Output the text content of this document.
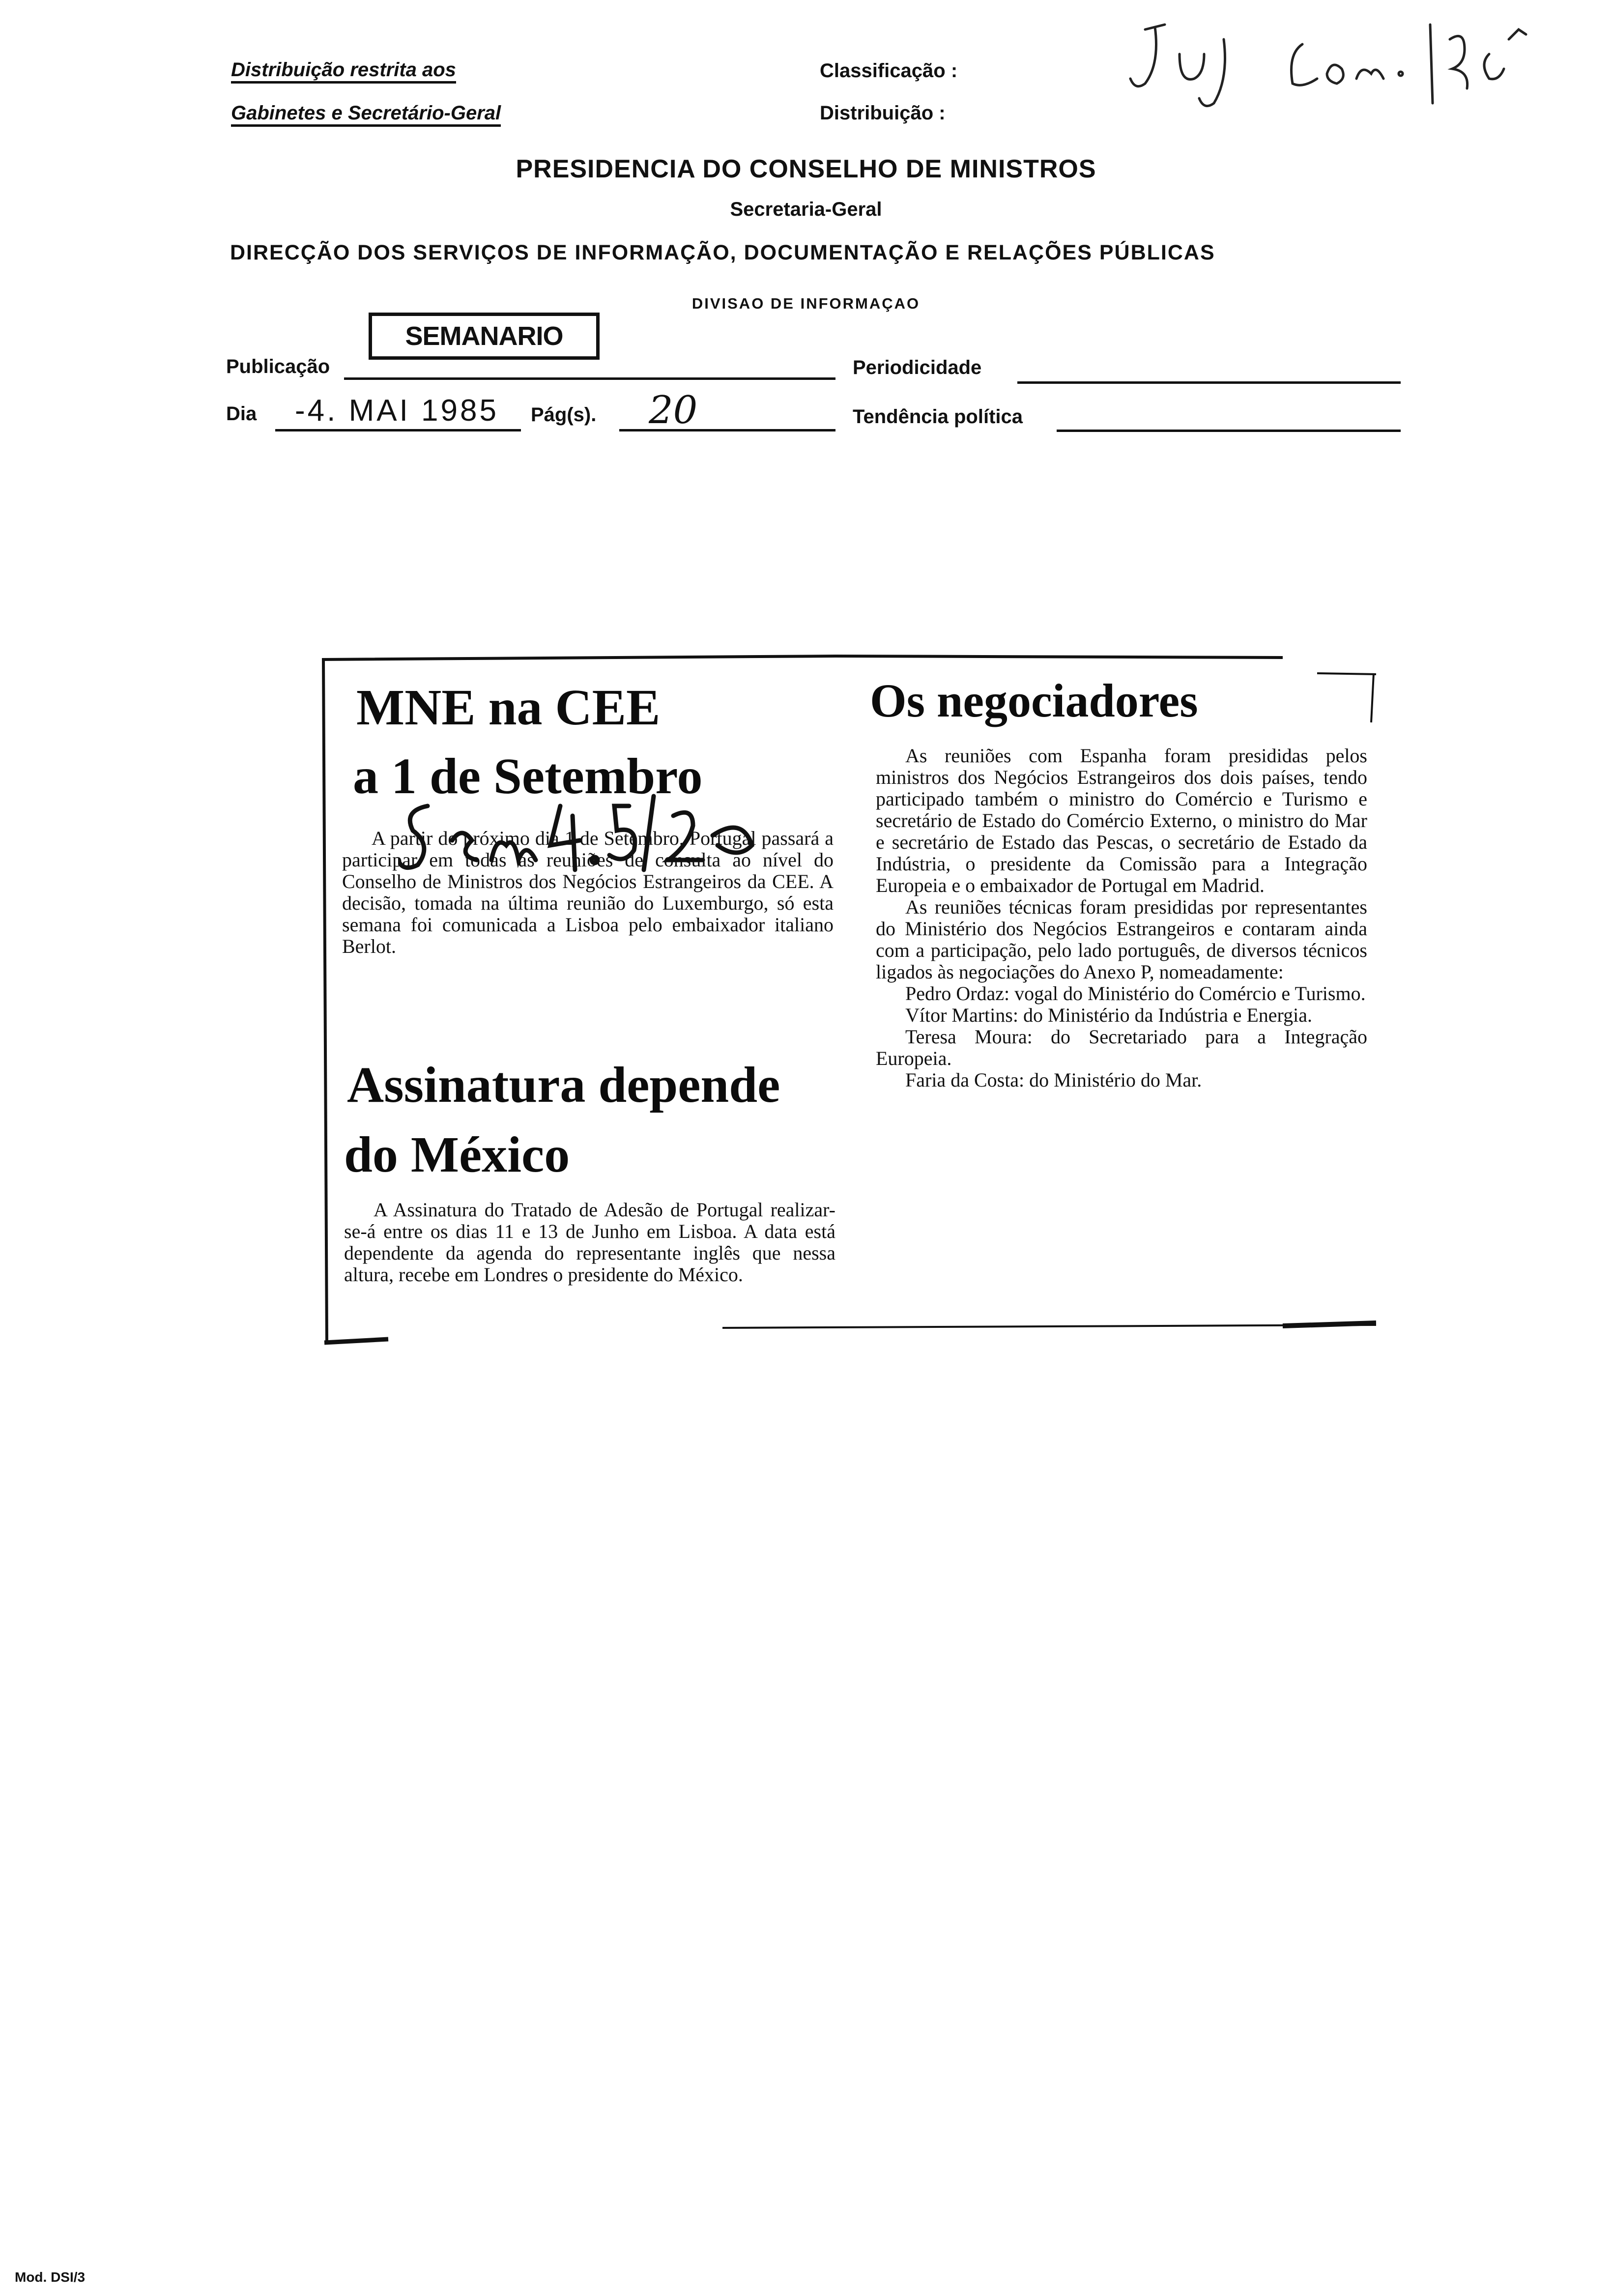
Distribuição restrita aos
Gabinetes e Secretário-Geral
Classificação :
Distribuição :
PRESIDENCIA DO CONSELHO DE MINISTROS
Secretaria-Geral
DIRECÇÃO DOS SERVIÇOS DE INFORMAÇÃO, DOCUMENTAÇÃO E RELAÇÕES PÚBLICAS
DIVISAO DE INFORMAÇAO
Publicação
SEMANARIO
Periodicidade
Dia	-4. MAI 1985	Pág(s).	20	Tendência política
MNE na CEE
a 1 de Setembro

A partir do próximo dia 1 de Setembro, Portugal passará a participar em todas as reuniões de consulta ao nível do Conselho de Ministros dos Negócios Estrangeiros da CEE. A decisão, tomada na última reunião do Luxemburgo, só esta semana foi comunicada a Lisboa pelo embaixador italiano Berlot.

Assinatura depende
do México

A Assinatura do Tratado de Adesão de Portugal realizar-se-á entre os dias 11 e 13 de Junho em Lisboa. A data está dependente da agenda do representante inglês que nessa altura, recebe em Londres o presidente do México.

Os negociadores

As reuniões com Espanha foram presididas pelos ministros dos Negócios Estrangeiros dos dois países, tendo participado também o ministro do Comércio e Turismo e secretário de Estado do Comércio Externo, o ministro do Mar e secretário de Estado das Pescas, o secretário de Estado da Indústria, o presidente da Comissão para a Integração Europeia e o embaixador de Portugal em Madrid.

As reuniões técnicas foram presididas por representantes do Ministério dos Negócios Estrangeiros e contaram ainda com a participação, pelo lado português, de diversos técnicos ligados às negociações do Anexo P, nomeadamente:

Pedro Ordaz: vogal do Ministério do Comércio e Turismo.

Vítor Martins: do Ministério da Indústria e Energia.

Teresa Moura: do Secretariado para a Integração Europeia.

Faria da Costa: do Ministério do Mar.

Mod. DSI/3
